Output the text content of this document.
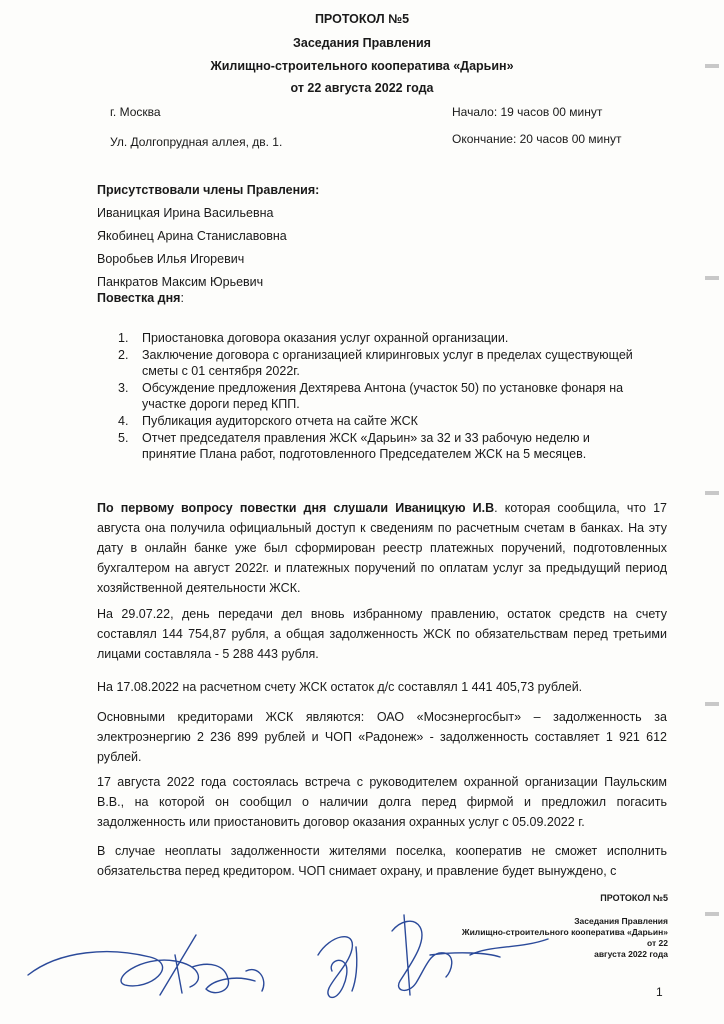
ПРОТОКОЛ №5
Заседания Правления
Жилищно-строительного кооператива «Дарьин»
от 22 августа 2022 года
г. Москва
Ул. Долгопрудная аллея, дв. 1.
Начало: 19 часов 00 минут
Окончание: 20 часов 00 минут
Присутствовали члены Правления:
Иваницкая Ирина Васильевна
Якобинец Арина Станиславовна
Воробьев Илья Игоревич
Панкратов Максим Юрьевич
Повестка дня:
1. Приостановка договора оказания услуг охранной организации.
2. Заключение договора с организацией клиринговых услуг в пределах существующей сметы с 01 сентября 2022г.
3. Обсуждение предложения Дехтярева Антона (участок 50) по установке фонаря на участке дороги перед КПП.
4. Публикация аудиторского отчета на сайте ЖСК
5. Отчет председателя правления ЖСК «Дарьин» за 32 и 33 рабочую неделю и принятие Плана работ, подготовленного Председателем ЖСК на 5 месяцев.
По первому вопросу повестки дня слушали Иваницкую И.В. которая сообщила, что 17 августа она получила официальный доступ к сведениям по расчетным счетам в банках. На эту дату в онлайн банке уже был сформирован реестр платежных поручений, подготовленных бухгалтером на август 2022г. и платежных поручений по оплатам услуг за предыдущий период хозяйственной деятельности ЖСК.
На 29.07.22, день передачи дел вновь избранному правлению, остаток средств на счету составлял 144 754,87 рубля, а общая задолженность ЖСК по обязательствам перед третьими лицами составляла - 5 288 443 рубля.
На 17.08.2022 на расчетном счету ЖСК остаток д/с составлял 1 441 405,73 рублей.
Основными кредиторами ЖСК являются: ОАО «Мосэнергосбыт» – задолженность за электроэнергию 2 236 899 рублей и ЧОП «Радонеж» - задолженность составляет 1 921 612 рублей.
17 августа 2022 года состоялась встреча с руководителем охранной организации Паульским В.В., на которой он сообщил о наличии долга перед фирмой и предложил погасить задолженность или приостановить договор оказания охранных услуг с 05.09.2022 г.
В случае неоплаты задолженности жителями поселка, кооператив не сможет исполнить обязательства перед кредитором. ЧОП снимает охрану, и правление будет вынуждено, с
ПРОТОКОЛ №5
Заседания Правления
Жилищно-строительного кооператива «Дарьин»
от 22
августа 2022 года
1
